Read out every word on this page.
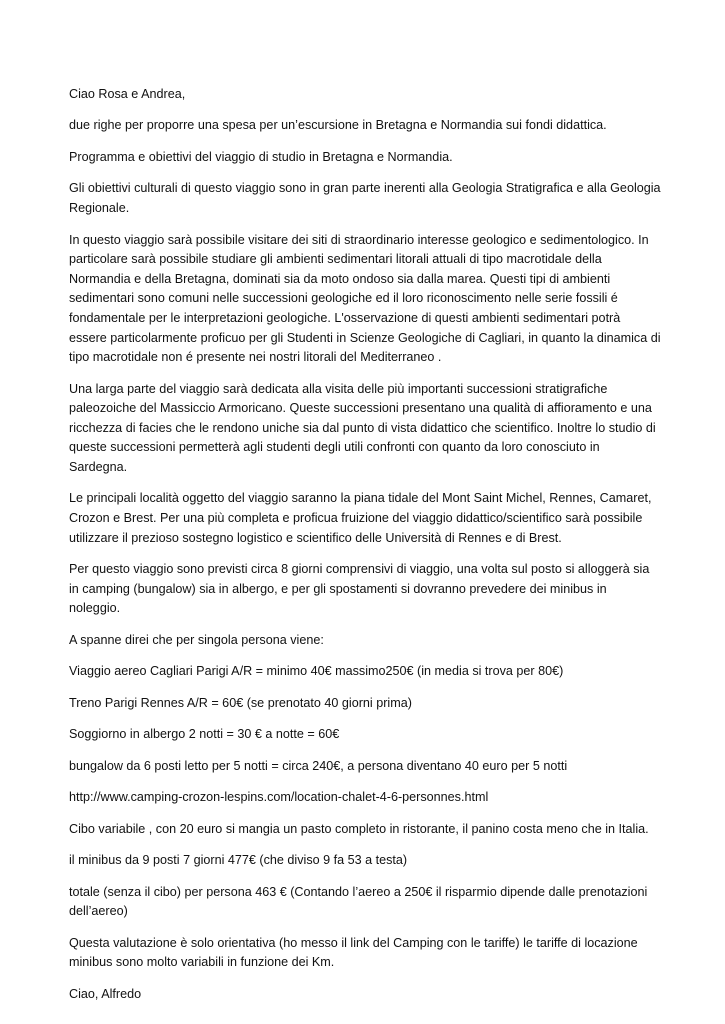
Ciao Rosa e Andrea,

due righe per proporre una spesa per un’escursione in Bretagna e Normandia sui fondi didattica.

Programma e obiettivi del viaggio di studio in Bretagna e Normandia.

Gli obiettivi culturali di questo viaggio sono in gran parte inerenti alla Geologia Stratigrafica e alla Geologia Regionale.

In questo viaggio sarà possibile visitare dei siti di straordinario interesse geologico e sedimentologico. In particolare sarà possibile studiare gli ambienti sedimentari litorali attuali di tipo macrotidale della Normandia e della Bretagna, dominati sia da moto ondoso sia dalla marea. Questi tipi di ambienti sedimentari sono comuni nelle successioni geologiche ed il loro riconoscimento nelle serie fossili é fondamentale per le interpretazioni geologiche. L'osservazione di questi ambienti sedimentari potrà essere particolarmente proficuo per gli Studenti in Scienze Geologiche di Cagliari, in quanto la dinamica di tipo macrotidale non é presente nei nostri litorali del Mediterraneo .

Una larga parte del viaggio sarà dedicata alla visita delle più importanti successioni stratigrafiche paleozoiche del Massiccio Armoricano. Queste successioni presentano una qualità di affioramento e una ricchezza di facies che le rendono uniche sia dal punto di vista didattico che scientifico. Inoltre lo studio di queste successioni permetterà agli studenti degli utili confronti con quanto da loro conosciuto in Sardegna.

Le principali località oggetto del viaggio saranno la piana tidale del Mont Saint Michel, Rennes, Camaret, Crozon e Brest. Per una più completa e proficua fruizione del viaggio didattico/scientifico sarà possibile utilizzare il prezioso sostegno logistico e scientifico delle Università di Rennes e di Brest.

Per questo viaggio sono previsti circa 8 giorni comprensivi di viaggio, una volta sul posto si alloggerà sia in camping (bungalow) sia in albergo, e per gli spostamenti si dovranno prevedere dei minibus in noleggio.

A spanne direi che per singola persona viene:

Viaggio aereo Cagliari Parigi A/R = minimo 40€ massimo250€ (in media si trova per 80€)

Treno Parigi Rennes A/R = 60€ (se prenotato 40 giorni prima)

Soggiorno in albergo 2 notti = 30 € a notte = 60€

bungalow da 6 posti letto per 5 notti = circa 240€, a persona diventano 40 euro per 5 notti

http://www.camping-crozon-lespins.com/location-chalet-4-6-personnes.html

Cibo variabile , con 20 euro si mangia un pasto completo in ristorante, il panino costa meno che in Italia.

il minibus da 9 posti 7 giorni 477€ (che diviso 9 fa 53 a testa)

totale (senza il cibo) per persona 463 € (Contando l’aereo a 250€ il risparmio dipende dalle prenotazioni dell’aereo)

Questa valutazione è solo orientativa (ho messo il link del Camping con le tariffe) le tariffe di locazione minibus sono molto variabili in funzione dei Km.

Ciao, Alfredo
